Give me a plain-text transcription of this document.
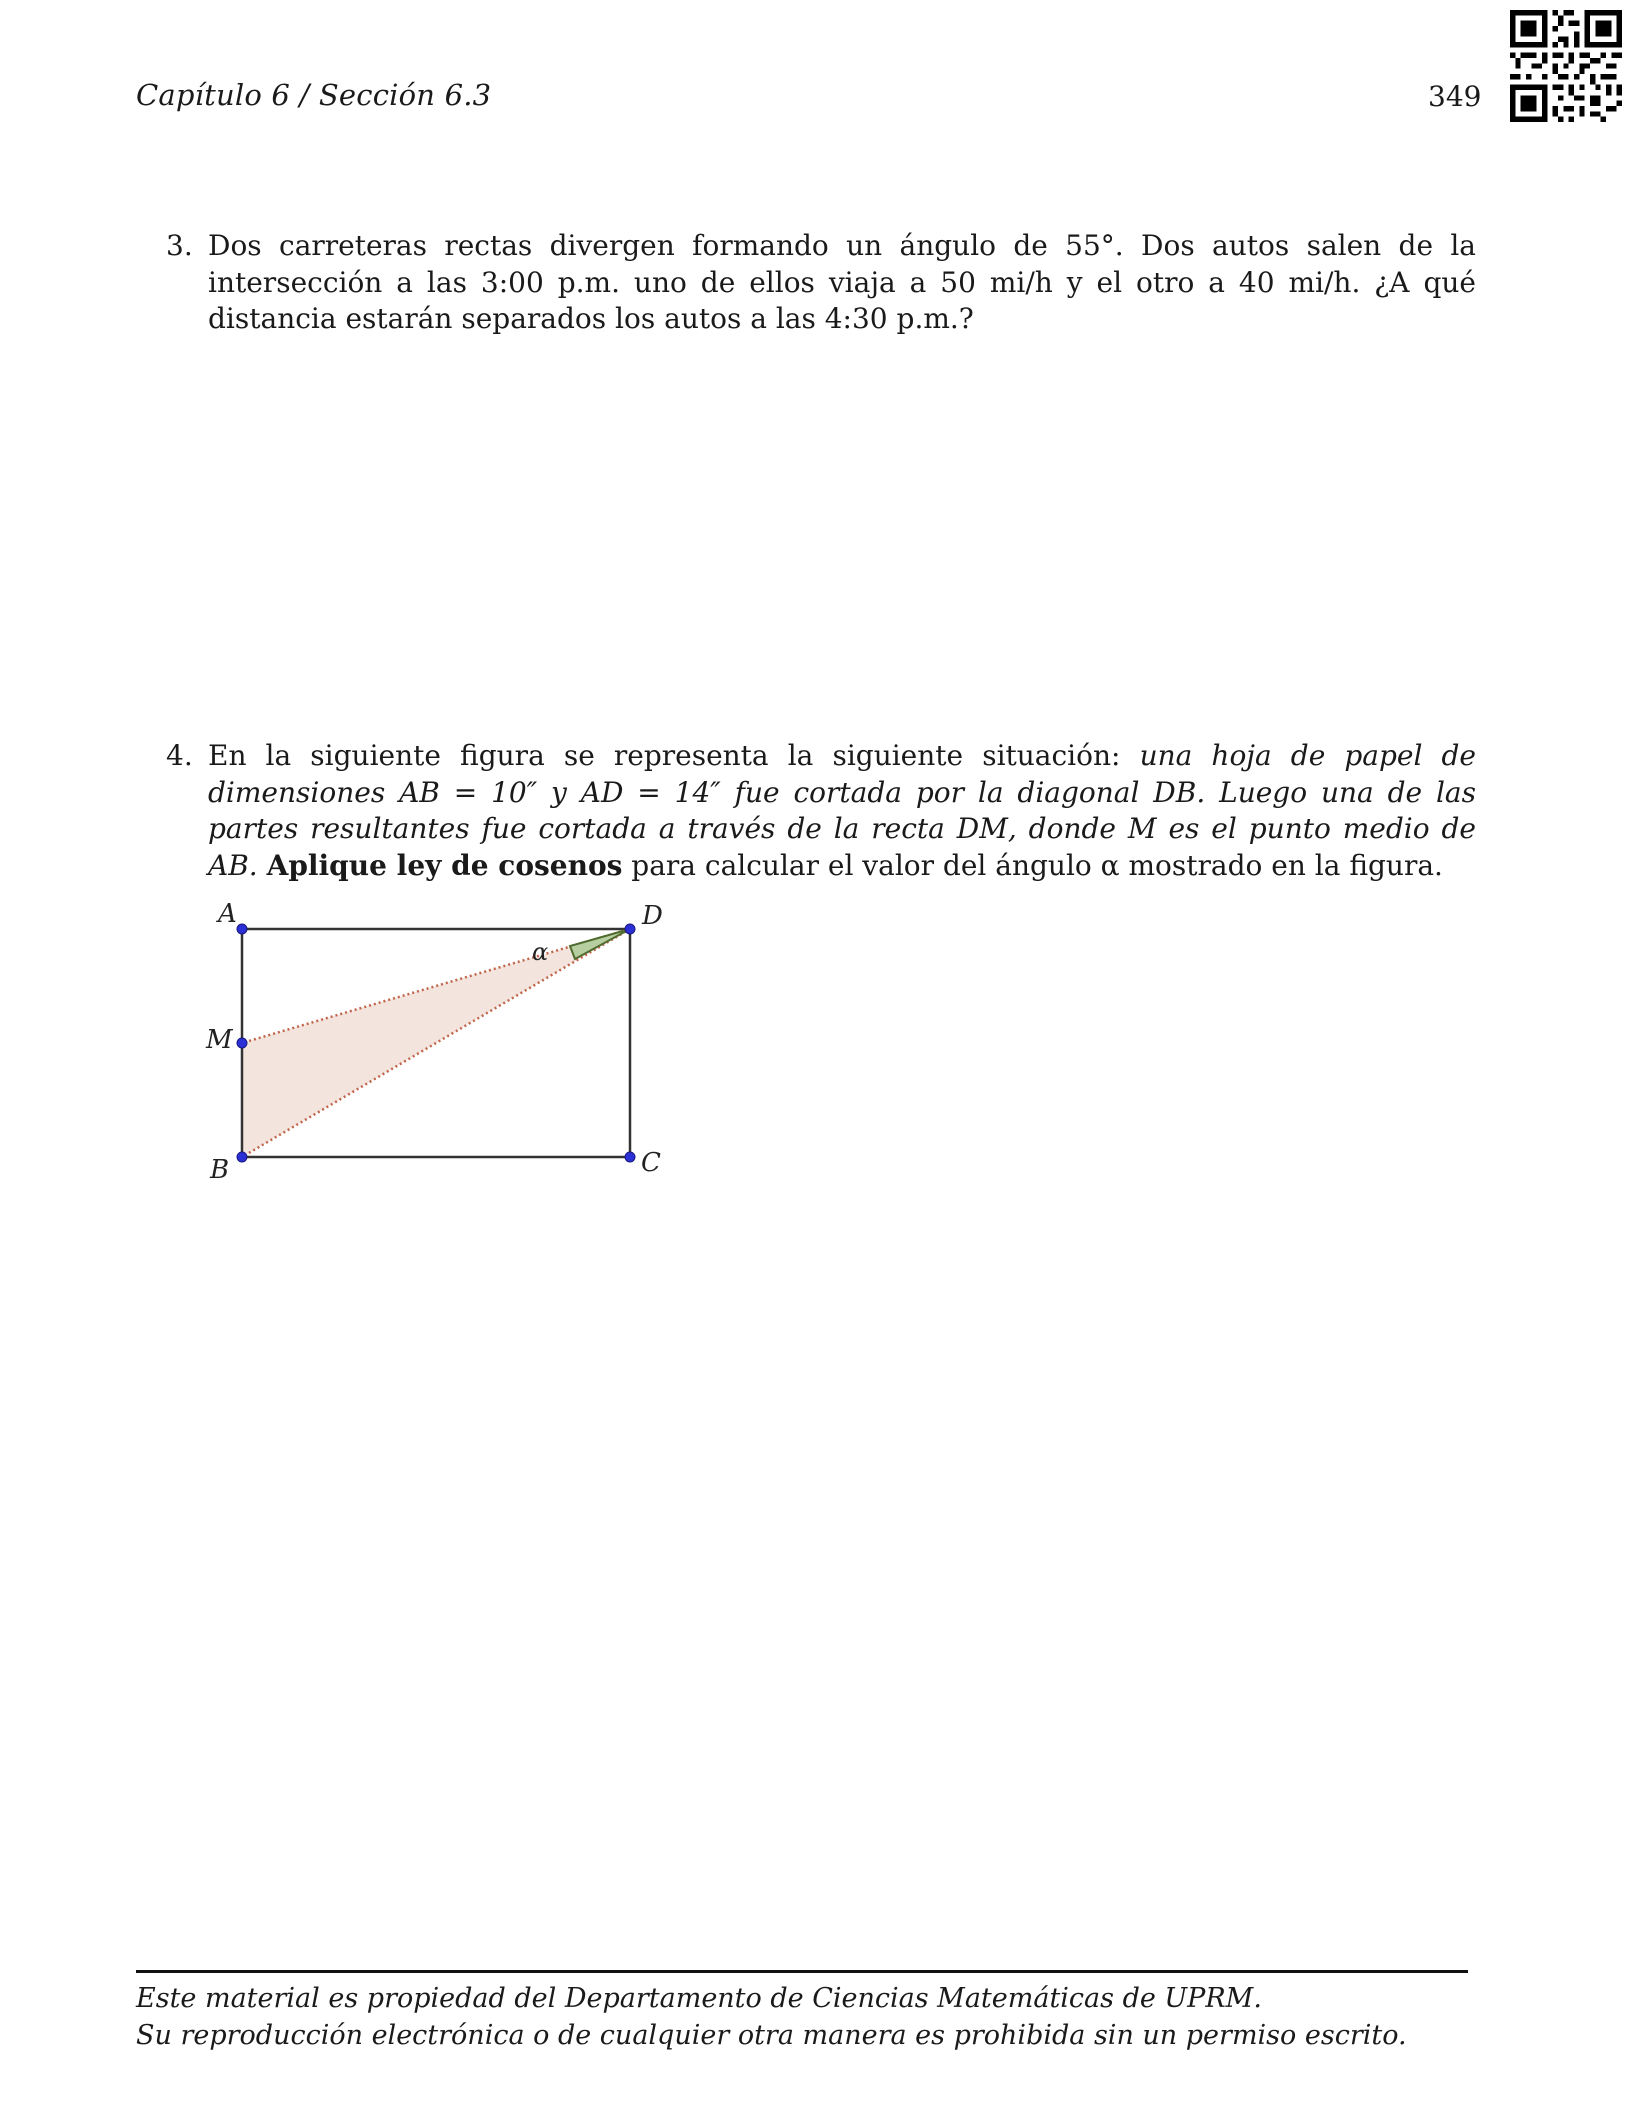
Capítulo 6 / Sección 6.3	349
3. Dos carreteras rectas divergen formando un ángulo de 55°. Dos autos salen de la intersección a las 3:00 p.m. uno de ellos viaja a 50 mi/h y el otro a 40 mi/h. ¿A qué distancia estarán separados los autos a las 4:30 p.m.?
4. En la siguiente figura se representa la siguiente situación: una hoja de papel de dimensiones AB = 10″ y AD = 14″ fue cortada por la diagonal DB. Luego una de las partes resultantes fue cortada a través de la recta DM, donde M es el punto medio de AB. Aplique ley de cosenos para calcular el valor del ángulo α mostrado en la figura.
A	D
M
B	C
α
Este material es propiedad del Departamento de Ciencias Matemáticas de UPRM.
Su reproducción electrónica o de cualquier otra manera es prohibida sin un permiso escrito.
